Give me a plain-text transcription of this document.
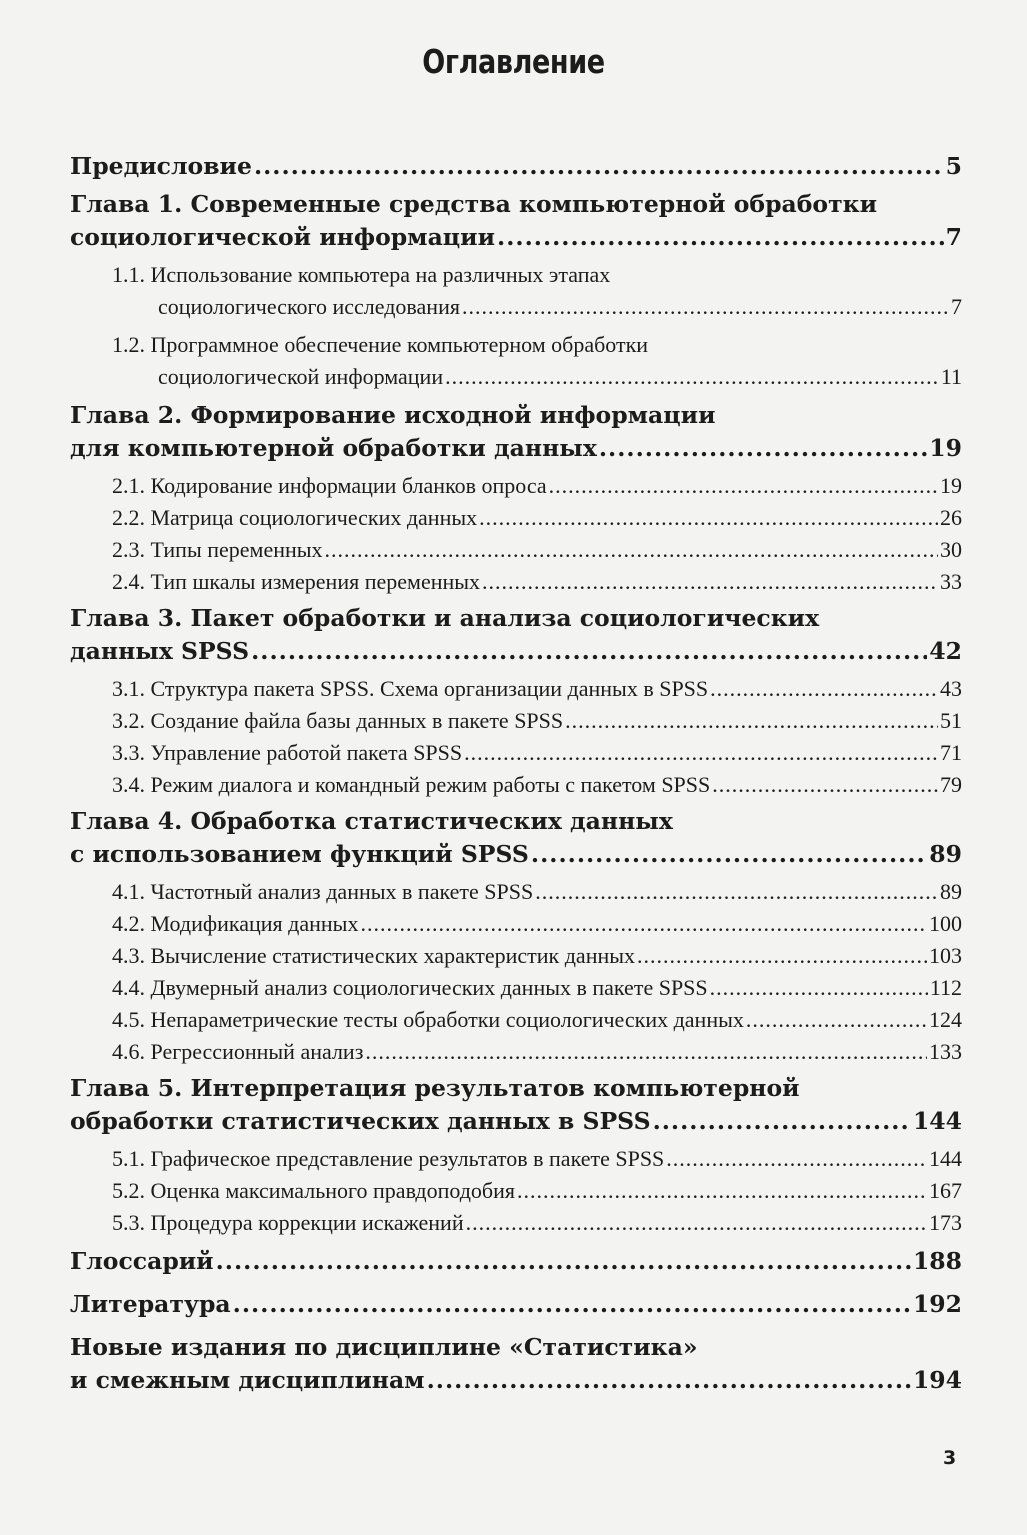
Оглавление
Предисловие .....	5
Глава 1. Современные средства компьютерной обработки
социологической информации .....	7
1.1. Использование компьютера на различных этапах
социологического исследования .....	7
1.2. Программное обеспечение компьютерном обработки
социологической информации .....	11
Глава 2. Формирование исходной информации
для компьютерной обработки данных .....	19
2.1. Кодирование информации бланков опроса .....	19
2.2. Матрица социологических данных .....	26
2.3. Типы переменных .....	30
2.4. Тип шкалы измерения переменных .....	33
Глава 3. Пакет обработки и анализа социологических
данных SPSS .....	42
3.1. Структура пакета SPSS. Схема организации данных в SPSS .....	43
3.2. Создание файла базы данных в пакете SPSS .....	51
3.3. Управление работой пакета SPSS .....	71
3.4. Режим диалога и командный режим работы с пакетом SPSS .....	79
Глава 4. Обработка статистических данных
с использованием функций SPSS .....	89
4.1. Частотный анализ данных в пакете SPSS .....	89
4.2. Модификация данных .....	100
4.3. Вычисление статистических характеристик данных .....	103
4.4. Двумерный анализ социологических данных в пакете SPSS .....	112
4.5. Непараметрические тесты обработки социологических данных .....	124
4.6. Регрессионный анализ .....	133
Глава 5. Интерпретация результатов компьютерной
обработки статистических данных в SPSS .....	144
5.1. Графическое представление результатов в пакете SPSS .....	144
5.2. Оценка максимального правдоподобия .....	167
5.3. Процедура коррекции искажений .....	173
Глоссарий .....	188
Литература .....	192
Новые издания по дисциплине «Статистика»
и смежным дисциплинам .....	194
3
